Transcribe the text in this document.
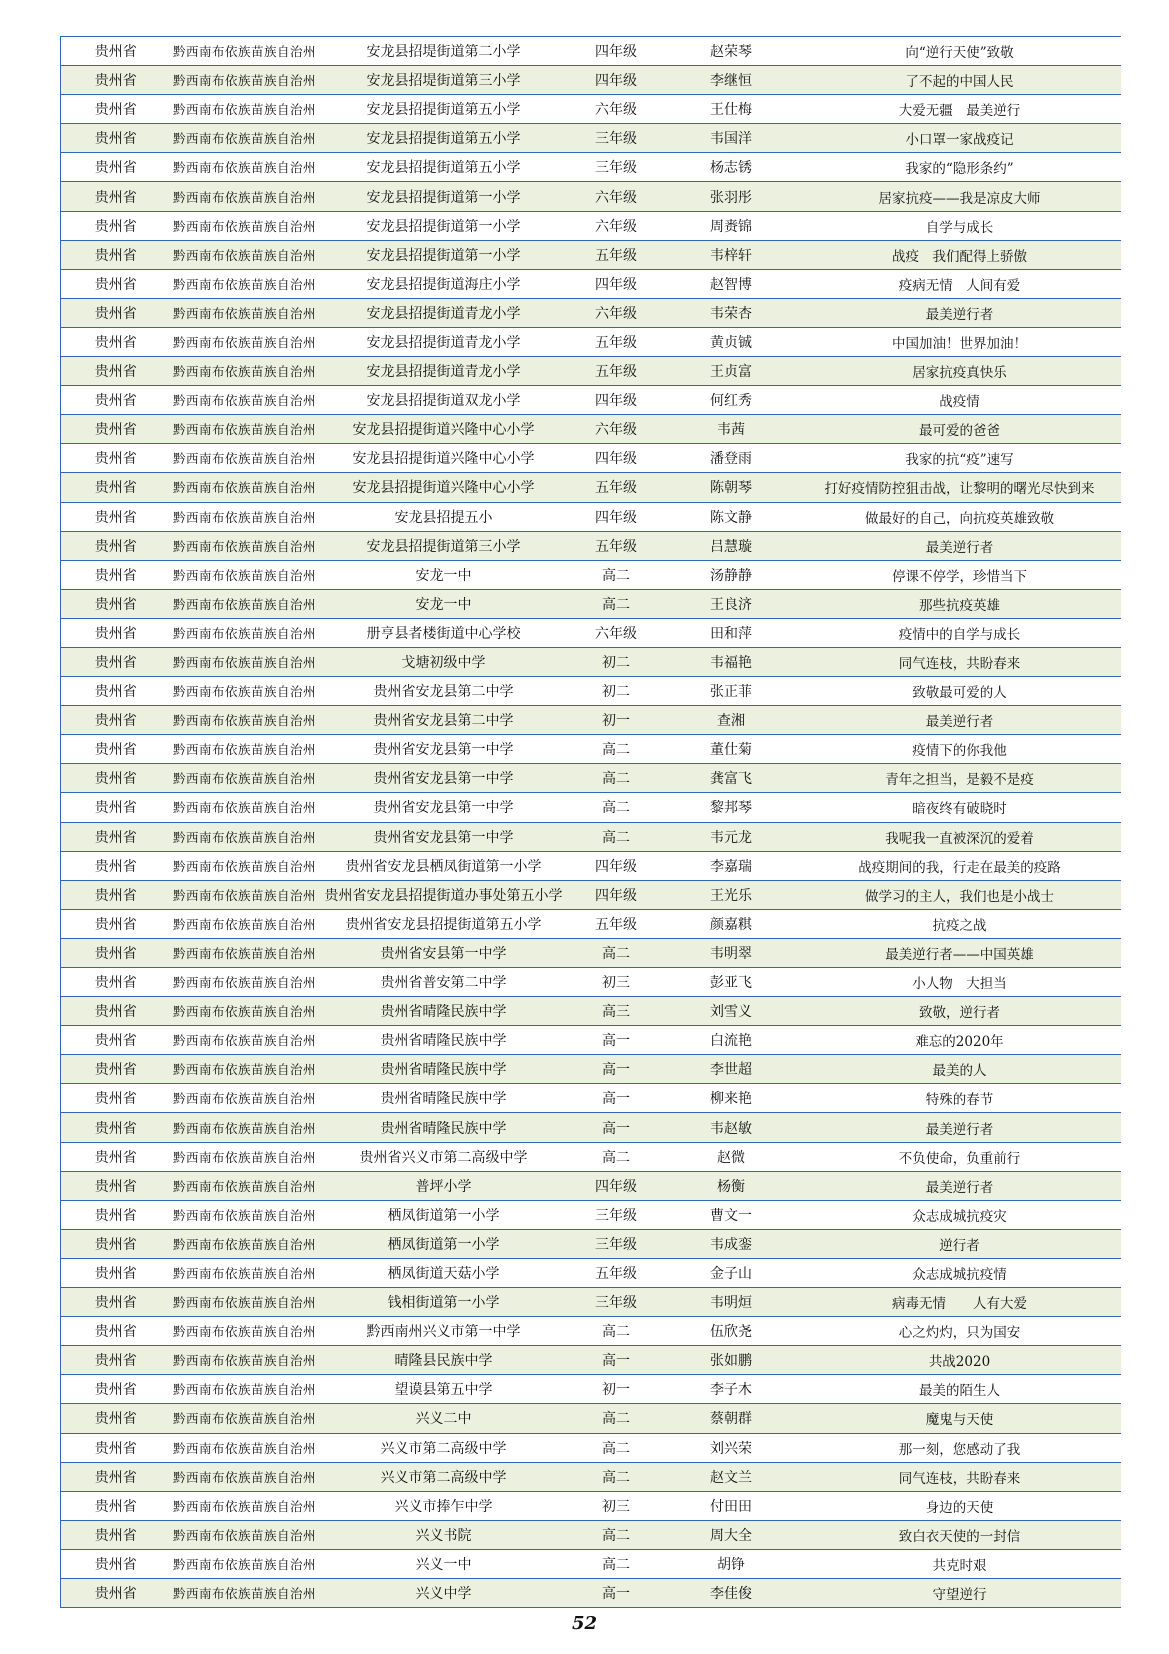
贵州省	黔西南布依族苗族自治州	安龙县招堤街道第二小学	四年级	赵荣琴	向“逆行天使”致敬
贵州省	黔西南布依族苗族自治州	安龙县招堤街道第三小学	四年级	李继恒	了不起的中国人民
贵州省	黔西南布依族苗族自治州	安龙县招提街道第五小学	六年级	王仕梅	大爱无疆　最美逆行
贵州省	黔西南布依族苗族自治州	安龙县招提街道第五小学	三年级	韦国洋	小口罩一家战疫记
贵州省	黔西南布依族苗族自治州	安龙县招提街道第五小学	三年级	杨志锈	我家的“隐形条约”
贵州省	黔西南布依族苗族自治州	安龙县招提街道第一小学	六年级	张羽彤	居家抗疫——我是凉皮大师
贵州省	黔西南布依族苗族自治州	安龙县招提街道第一小学	六年级	周赉锦	自学与成长
贵州省	黔西南布依族苗族自治州	安龙县招提街道第一小学	五年级	韦梓轩	战疫　我们配得上骄傲
贵州省	黔西南布依族苗族自治州	安龙县招提街道海庄小学	四年级	赵智博	疫病无情　人间有爱
贵州省	黔西南布依族苗族自治州	安龙县招提街道青龙小学	六年级	韦荣杏	最美逆行者
贵州省	黔西南布依族苗族自治州	安龙县招提街道青龙小学	五年级	黄贞铖	中国加油！世界加油！
贵州省	黔西南布依族苗族自治州	安龙县招提街道青龙小学	五年级	王贞富	居家抗疫真快乐
贵州省	黔西南布依族苗族自治州	安龙县招提街道双龙小学	四年级	何红秀	战疫情
贵州省	黔西南布依族苗族自治州	安龙县招提街道兴隆中心小学	六年级	韦茜	最可爱的爸爸
贵州省	黔西南布依族苗族自治州	安龙县招提街道兴隆中心小学	四年级	潘登雨	我家的抗“疫”速写
贵州省	黔西南布依族苗族自治州	安龙县招提街道兴隆中心小学	五年级	陈朝琴	打好疫情防控狙击战，让黎明的曙光尽快到来
贵州省	黔西南布依族苗族自治州	安龙县招提五小	四年级	陈文静	做最好的自己，向抗疫英雄致敬
贵州省	黔西南布依族苗族自治州	安龙县招提街道第三小学	五年级	吕慧璇	最美逆行者
贵州省	黔西南布依族苗族自治州	安龙一中	高二	汤静静	停课不停学，珍惜当下
贵州省	黔西南布依族苗族自治州	安龙一中	高二	王良济	那些抗疫英雄
贵州省	黔西南布依族苗族自治州	册亨县者楼街道中心学校	六年级	田和萍	疫情中的自学与成长
贵州省	黔西南布依族苗族自治州	戈塘初级中学	初二	韦福艳	同气连枝，共盼春来
贵州省	黔西南布依族苗族自治州	贵州省安龙县第二中学	初二	张正菲	致敬最可爱的人
贵州省	黔西南布依族苗族自治州	贵州省安龙县第二中学	初一	查湘	最美逆行者
贵州省	黔西南布依族苗族自治州	贵州省安龙县第一中学	高二	董仕菊	疫情下的你我他
贵州省	黔西南布依族苗族自治州	贵州省安龙县第一中学	高二	龚富飞	青年之担当，是毅不是疫
贵州省	黔西南布依族苗族自治州	贵州省安龙县第一中学	高二	黎邦琴	暗夜终有破晓时
贵州省	黔西南布依族苗族自治州	贵州省安龙县第一中学	高二	韦元龙	我呢我一直被深沉的爱着
贵州省	黔西南布依族苗族自治州	贵州省安龙县栖凤街道第一小学	四年级	李嘉瑞	战疫期间的我，行走在最美的疫路
贵州省	黔西南布依族苗族自治州	贵州省安龙县招提街道办事处第五小学	四年级	王光乐	做学习的主人，我们也是小战士
贵州省	黔西南布依族苗族自治州	贵州省安龙县招提街道第五小学	五年级	颜嘉粸	抗疫之战
贵州省	黔西南布依族苗族自治州	贵州省安县第一中学	高二	韦明翠	最美逆行者——中国英雄
贵州省	黔西南布依族苗族自治州	贵州省普安第二中学	初三	彭亚飞	小人物　大担当
贵州省	黔西南布依族苗族自治州	贵州省晴隆民族中学	高三	刘雪义	致敬，逆行者
贵州省	黔西南布依族苗族自治州	贵州省晴隆民族中学	高一	白流艳	难忘的2020年
贵州省	黔西南布依族苗族自治州	贵州省晴隆民族中学	高一	李世超	最美的人
贵州省	黔西南布依族苗族自治州	贵州省晴隆民族中学	高一	柳来艳	特殊的春节
贵州省	黔西南布依族苗族自治州	贵州省晴隆民族中学	高一	韦赵敏	最美逆行者
贵州省	黔西南布依族苗族自治州	贵州省兴义市第二高级中学	高二	赵微	不负使命，负重前行
贵州省	黔西南布依族苗族自治州	普坪小学	四年级	杨衡	最美逆行者
贵州省	黔西南布依族苗族自治州	栖凤街道第一小学	三年级	曹文一	众志成城抗疫灾
贵州省	黔西南布依族苗族自治州	栖凤街道第一小学	三年级	韦成銮	逆行者
贵州省	黔西南布依族苗族自治州	栖凤街道天菇小学	五年级	金子山	众志成城抗疫情
贵州省	黔西南布依族苗族自治州	钱相街道第一小学	三年级	韦明烜	病毒无情　　人有大爱
贵州省	黔西南布依族苗族自治州	黔西南州兴义市第一中学	高二	伍欣尧	心之灼灼，只为国安
贵州省	黔西南布依族苗族自治州	晴隆县民族中学	高一	张如鹏	共战2020
贵州省	黔西南布依族苗族自治州	望谟县第五中学	初一	李子木	最美的陌生人
贵州省	黔西南布依族苗族自治州	兴义二中	高二	蔡朝群	魔鬼与天使
贵州省	黔西南布依族苗族自治州	兴义市第二高级中学	高二	刘兴荣	那一刻，您感动了我
贵州省	黔西南布依族苗族自治州	兴义市第二高级中学	高二	赵文兰	同气连枝，共盼春来
贵州省	黔西南布依族苗族自治州	兴义市捧乍中学	初三	付田田	身边的天使
贵州省	黔西南布依族苗族自治州	兴义书院	高二	周大全	致白衣天使的一封信
贵州省	黔西南布依族苗族自治州	兴义一中	高二	胡铮	共克时艰
贵州省	黔西南布依族苗族自治州	兴义中学	高一	李佳俊	守望逆行
52
